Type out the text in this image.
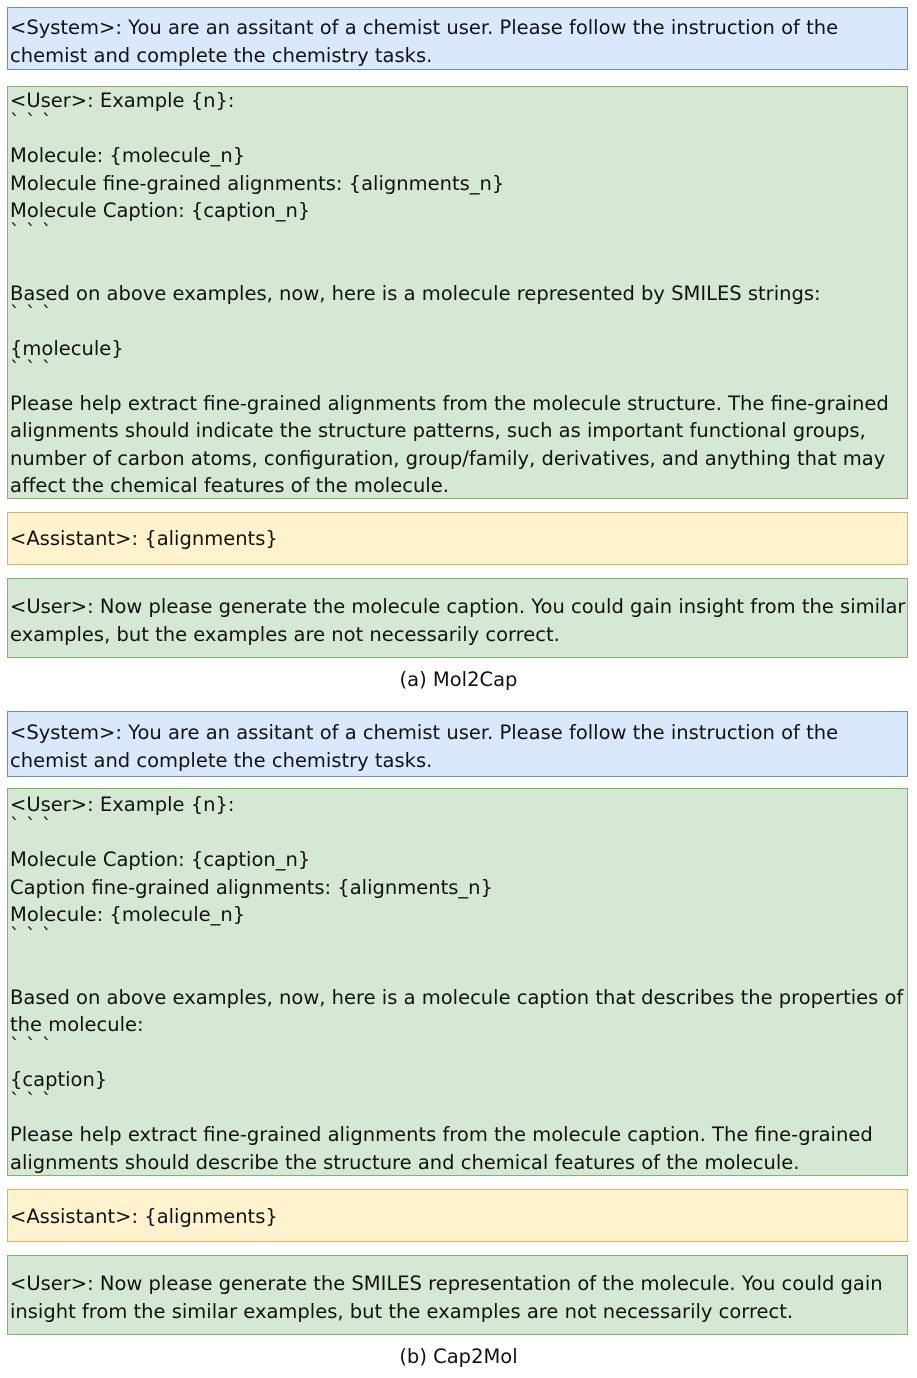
<System>: You are an assitant of a chemist user. Please follow the instruction of the
chemist and complete the chemistry tasks.
<User>: Example {n}:
` ` `
Molecule: {molecule_n}
Molecule fine-grained alignments: {alignments_n}
Molecule Caption: {caption_n}
` ` `
Based on above examples, now, here is a molecule represented by SMILES strings:
` ` `
{molecule}
` ` `
Please help extract fine-grained alignments from the molecule structure. The fine-grained
alignments should indicate the structure patterns, such as important functional groups,
number of carbon atoms, configuration, group/family, derivatives, and anything that may
affect the chemical features of the molecule.
<Assistant>: {alignments}
<User>: Now please generate the molecule caption. You could gain insight from the similar
examples, but the examples are not necessarily correct.
(a) Mol2Cap
<System>: You are an assitant of a chemist user. Please follow the instruction of the
chemist and complete the chemistry tasks.
<User>: Example {n}:
` ` `
Molecule Caption: {caption_n}
Caption fine-grained alignments: {alignments_n}
Molecule: {molecule_n}
` ` `
Based on above examples, now, here is a molecule caption that describes the properties of
the molecule:
` ` `
{caption}
` ` `
Please help extract fine-grained alignments from the molecule caption. The fine-grained
alignments should describe the structure and chemical features of the molecule.
<Assistant>: {alignments}
<User>: Now please generate the SMILES representation of the molecule. You could gain
insight from the similar examples, but the examples are not necessarily correct.
(b) Cap2Mol
